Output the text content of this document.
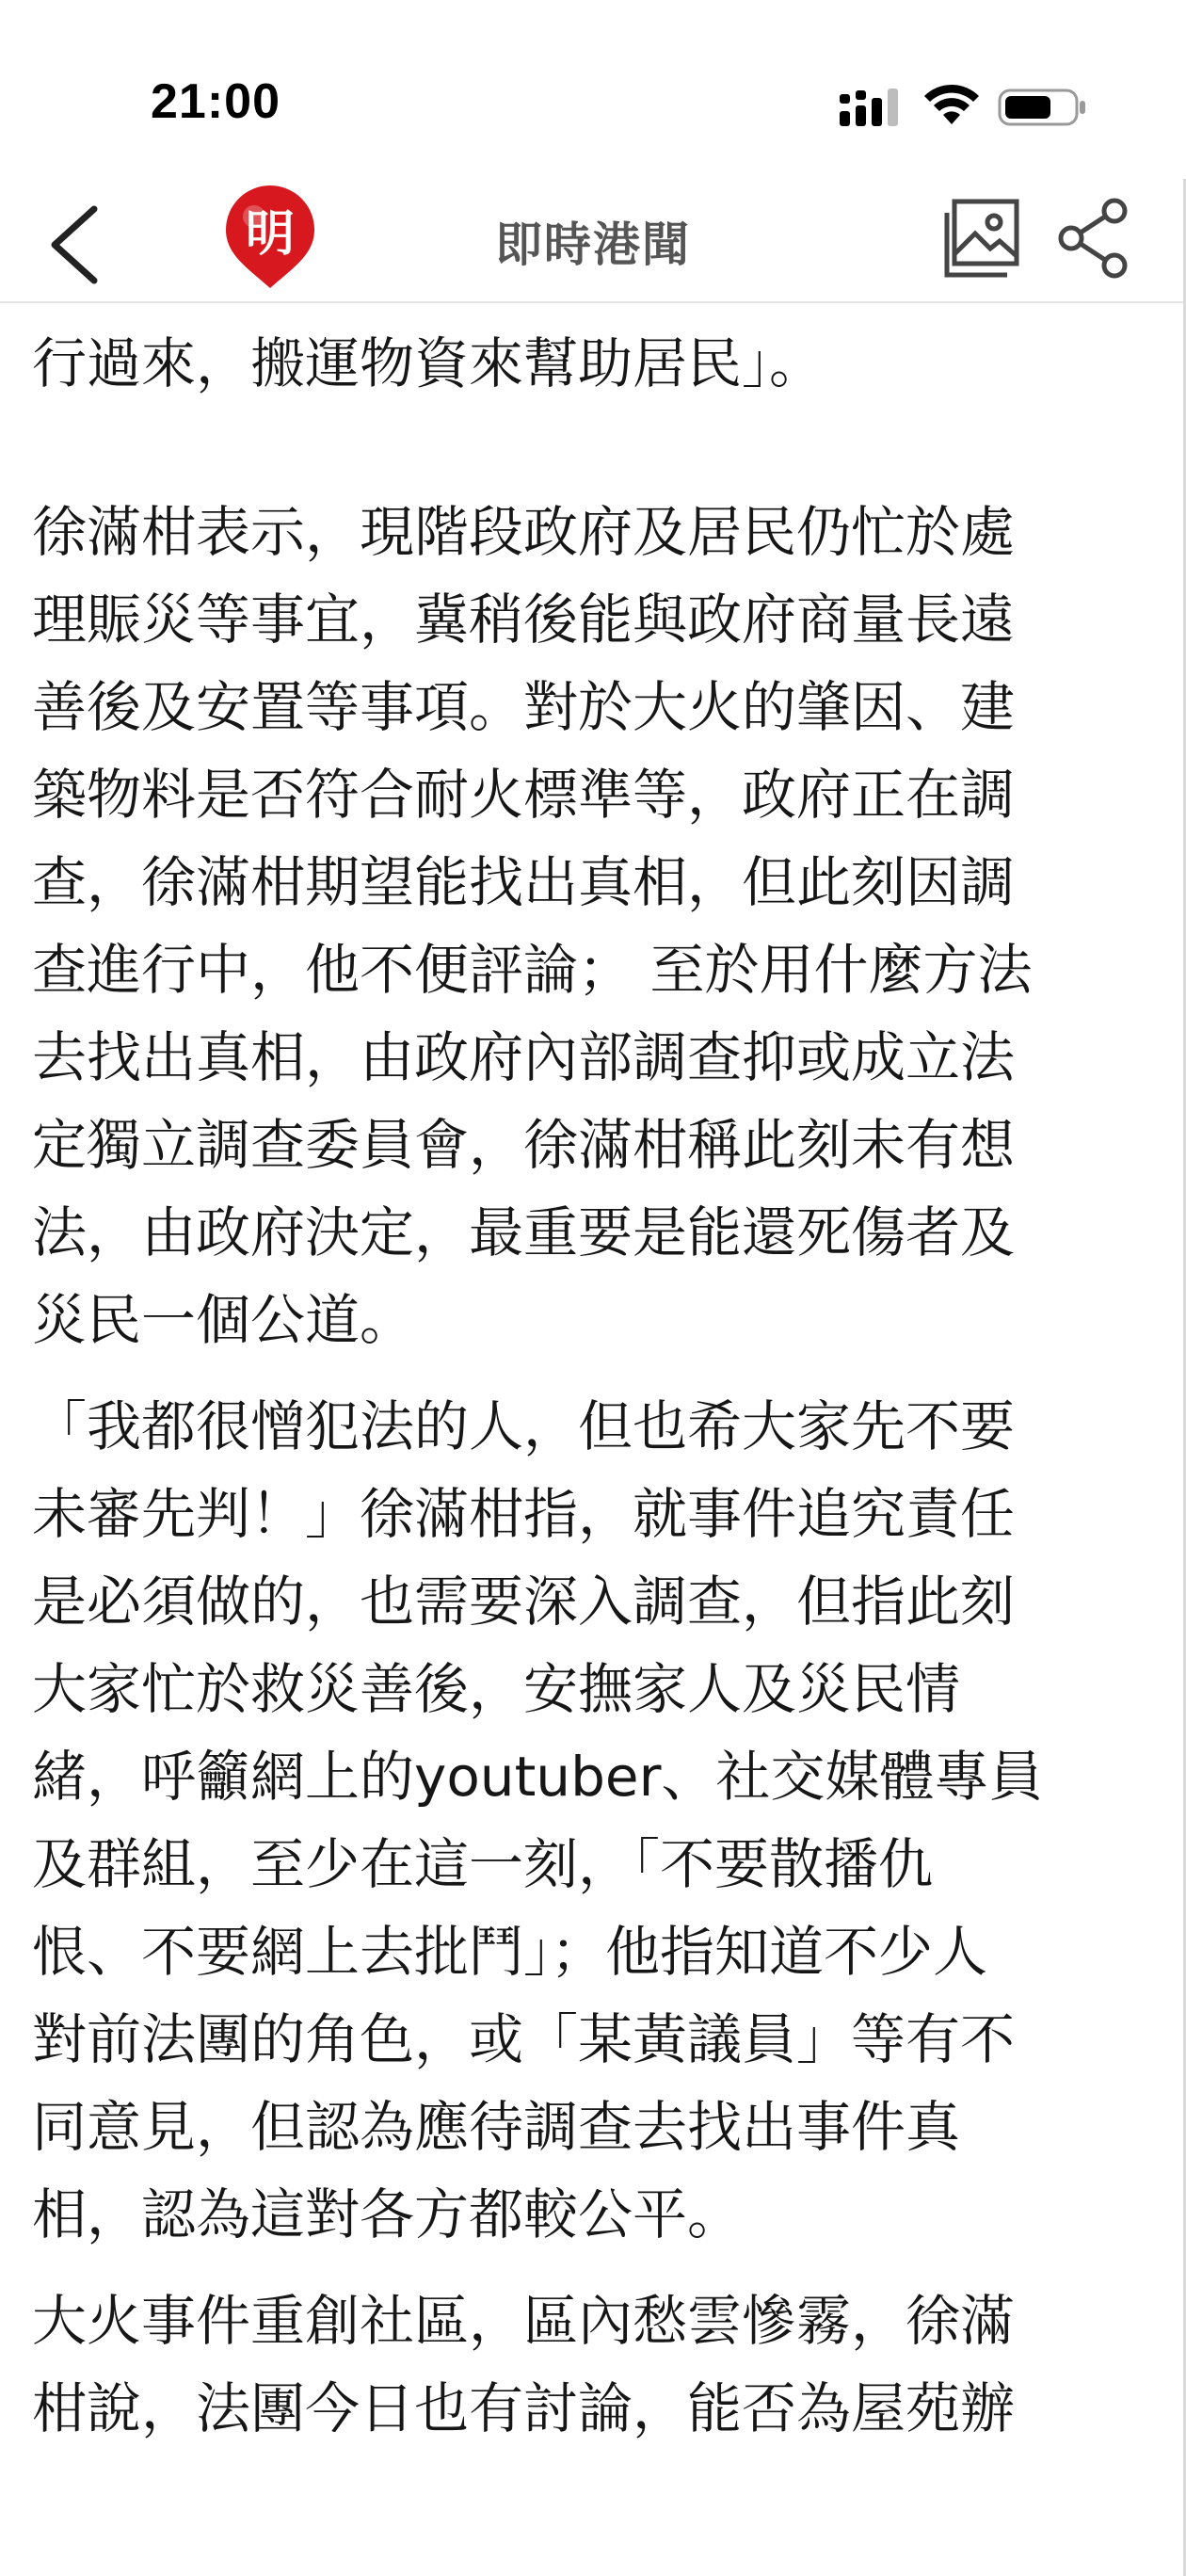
行過來，搬運物資來幫助居民」。

徐滿柑表示，現階段政府及居民仍忙於處
理賑災等事宜，冀稍後能與政府商量長遠
善後及安置等事項。對於大火的肇因、建
築物料是否符合耐火標準等，政府正在調
查，徐滿柑期望能找出真相，但此刻因調
查進行中，他不便評論； 至於用什麼方法
去找出真相，由政府內部調查抑或成立法
定獨立調查委員會，徐滿柑稱此刻未有想
法，由政府決定，最重要是能還死傷者及
災民一個公道。

「我都很憎犯法的人，但也希大家先不要
未審先判！」徐滿柑指，就事件追究責任
是必須做的，也需要深入調查，但指此刻
大家忙於救災善後，安撫家人及災民情
緒，呼籲網上的youtuber、社交媒體專員
及群組，至少在這一刻，「不要散播仇
恨、不要網上去批鬥」；他指知道不少人
對前法團的角色，或「某黃議員」等有不
同意見，但認為應待調查去找出事件真
相，認為這對各方都較公平。

大火事件重創社區，區內愁雲慘霧，徐滿
柑說，法團今日也有討論，能否為屋苑辦

21:00
明	即時港聞
